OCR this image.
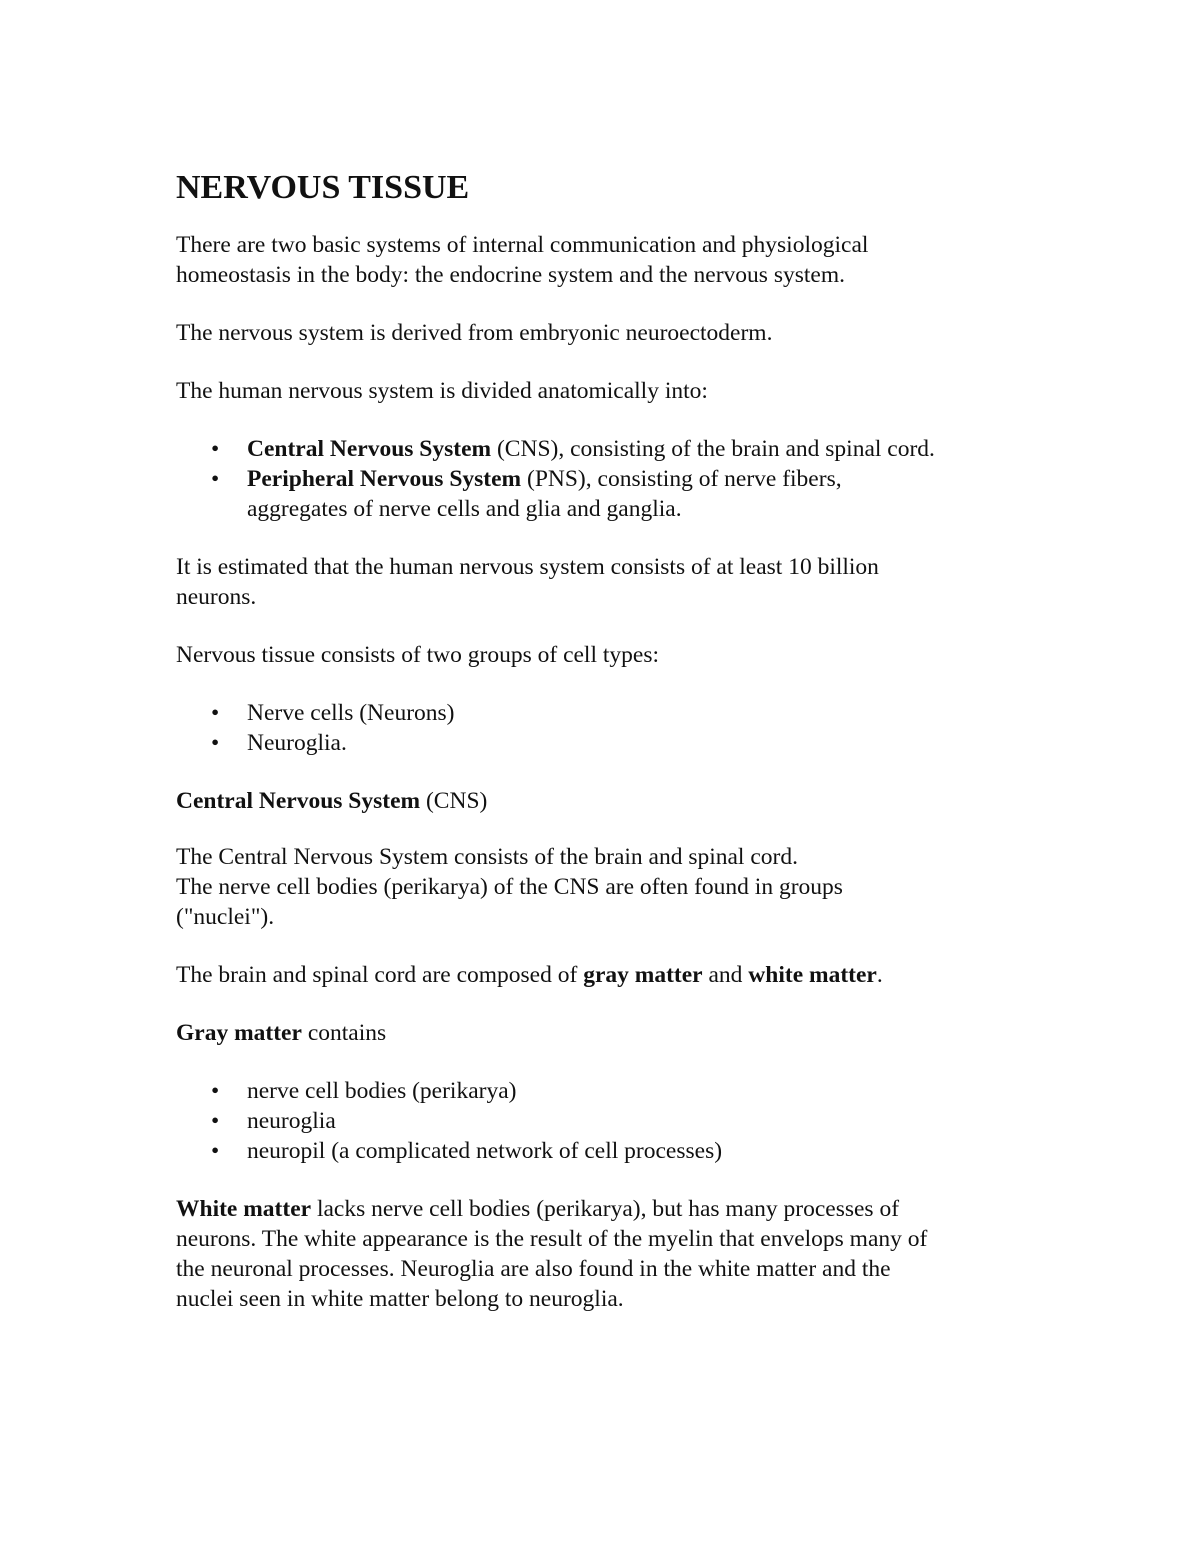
NERVOUS TISSUE

There are two basic systems of internal communication and physiological
homeostasis in the body: the endocrine system and the nervous system.

The nervous system is derived from embryonic neuroectoderm.

The human nervous system is divided anatomically into:

• Central Nervous System (CNS), consisting of the brain and spinal cord.
• Peripheral Nervous System (PNS), consisting of nerve fibers,
aggregates of nerve cells and glia and ganglia.

It is estimated that the human nervous system consists of at least 10 billion
neurons.

Nervous tissue consists of two groups of cell types:

• Nerve cells (Neurons)
• Neuroglia.

Central Nervous System (CNS)

The Central Nervous System consists of the brain and spinal cord.
The nerve cell bodies (perikarya) of the CNS are often found in groups
("nuclei").

The brain and spinal cord are composed of gray matter and white matter.

Gray matter contains

• nerve cell bodies (perikarya)
• neuroglia
• neuropil (a complicated network of cell processes)

White matter lacks nerve cell bodies (perikarya), but has many processes of
neurons. The white appearance is the result of the myelin that envelops many of
the neuronal processes. Neuroglia are also found in the white matter and the
nuclei seen in white matter belong to neuroglia.
